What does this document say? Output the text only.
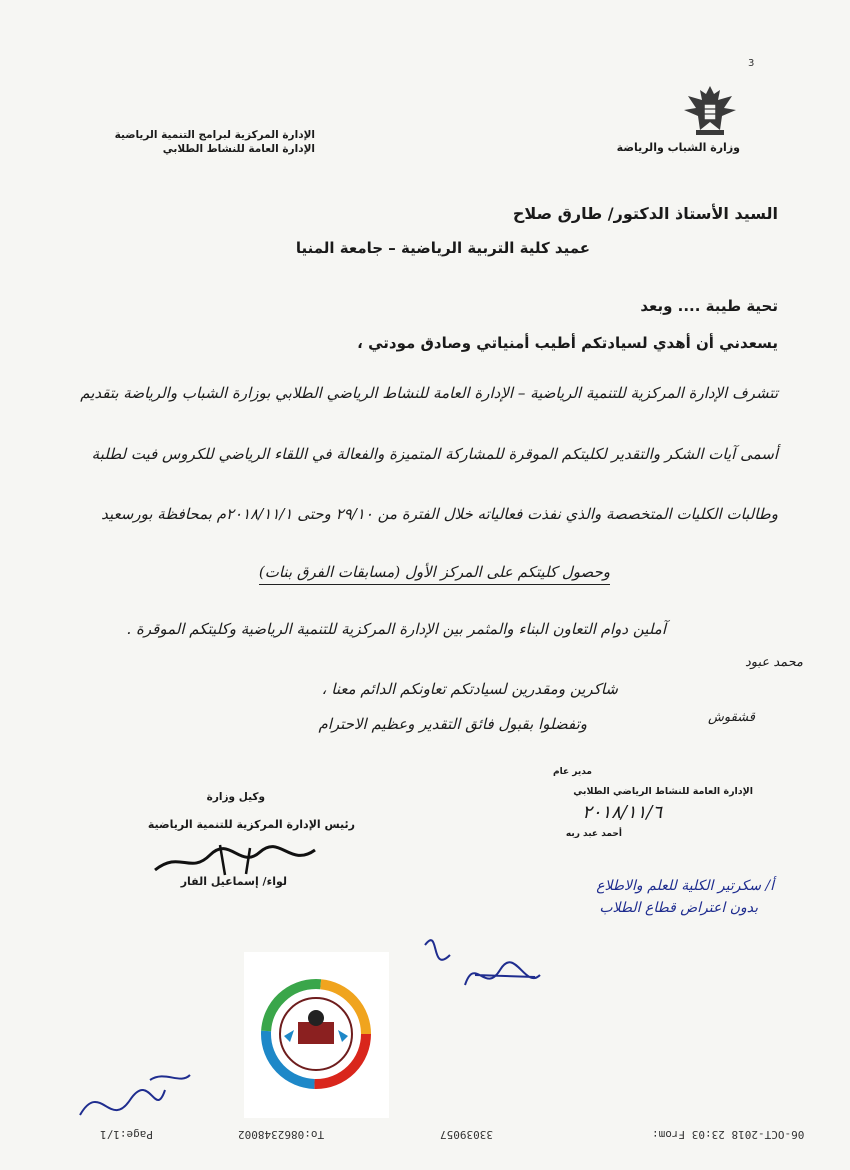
3
وزارة الشباب والرياضة
الإدارة المركزية لبرامج التنمية الرياضية
الإدارة العامة للنشاط الطلابي
السيد الأستاذ الدكتور/ طارق صلاح
عميد كلية التربية الرياضية – جامعة المنيا
تحية طيبة .... وبعد
يسعدني أن أهدي لسيادتكم أطيب أمنياتي وصادق مودتي ،
تتشرف الإدارة المركزية للتنمية الرياضية – الإدارة العامة للنشاط الرياضي الطلابي بوزارة الشباب والرياضة بتقديم
أسمى آيات الشكر والتقدير لكليتكم الموقرة للمشاركة المتميزة والفعالة في اللقاء الرياضي للكروس فيت لطلبة
وطالبات الكليات المتخصصة والذي نفذت فعالياته خلال الفترة من ٢٩/١٠ وحتى ٢٠١٨/١١/١م بمحافظة بورسعيد
وحصول كليتكم على المركز الأول (مسابقات الفرق بنات)
آملين دوام التعاون البناء والمثمر بين الإدارة المركزية للتنمية الرياضية وكليتكم الموقرة .
شاكرين ومقدرين لسيادتكم تعاونكم الدائم معنا ،
وتفضلوا بقبول فائق التقدير وعظيم الاحترام
محمد عبود
قشقوش
مدير عام
الإدارة العامة للنشاط الرياضي الطلابي
٢٠١٨/١١/٦
أحمد عبد ربه
وكيل وزارة
رئيس الإدارة المركزية للتنمية الرياضية
لواء/ إسماعيل الفار	أ/ سكرتير الكلية للعلم والاطلاع
بدون اعتراض قطاع الطلاب
06-OCT-2018 23:03 From:
33039057
To:0862348002
Page:1/1
